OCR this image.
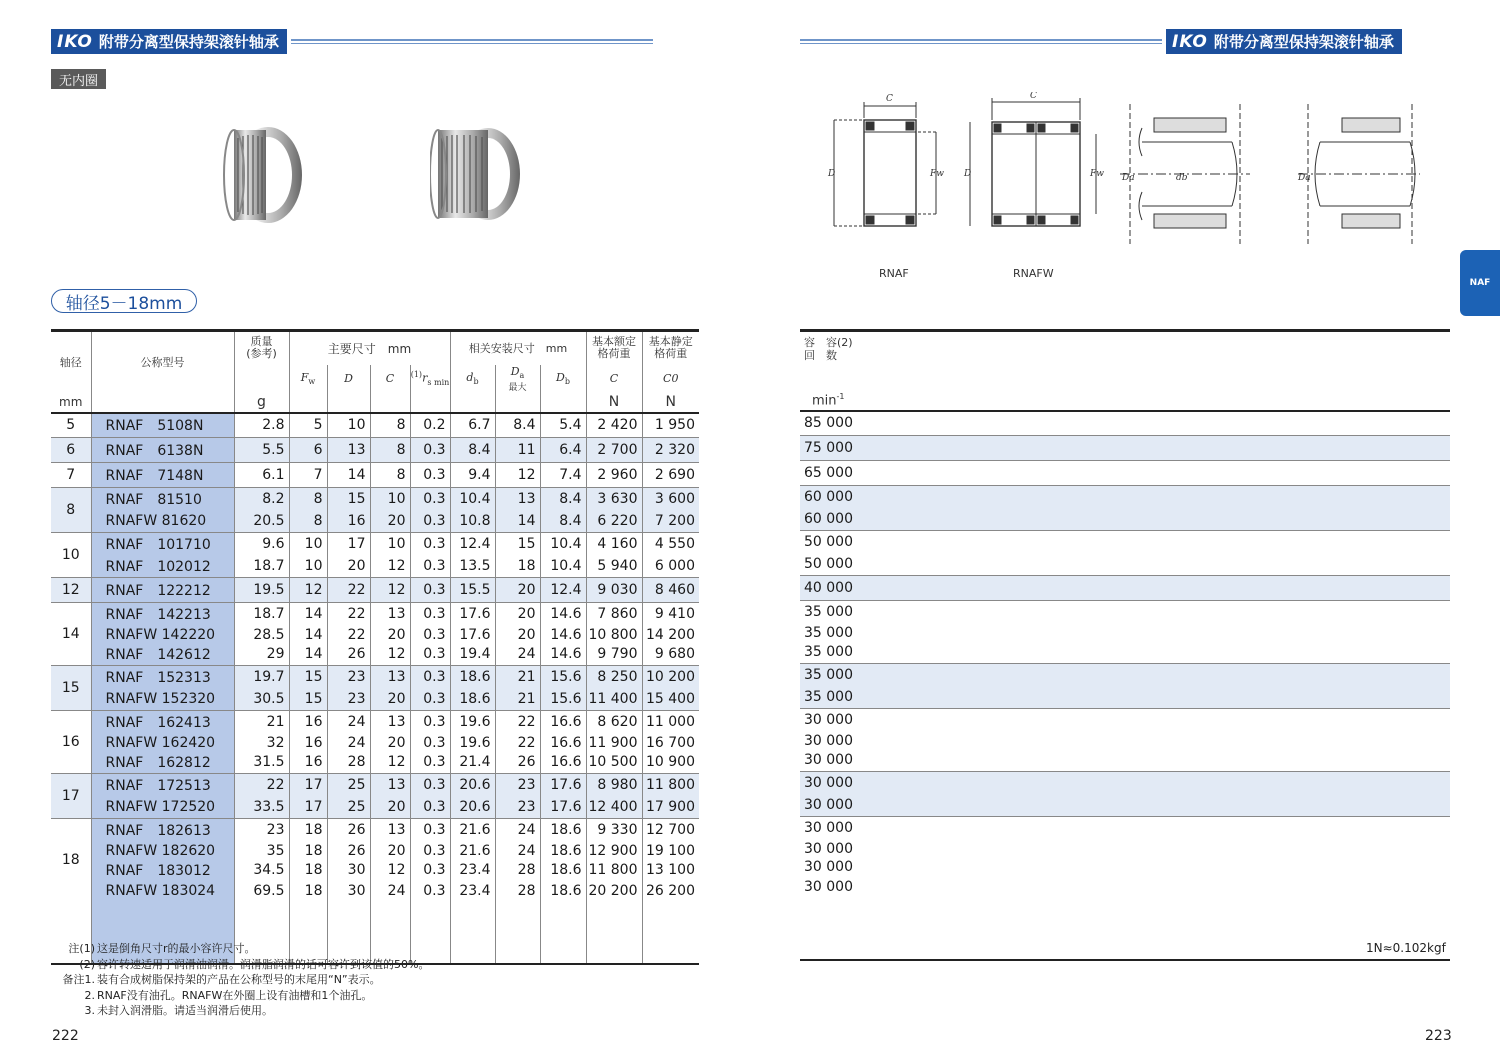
IKO 附带分离型保持架滚针轴承	IKO 附带分离型保持架滚针轴承
无内圈
C
D	Fw
C
D	Fw Da	db	Da
RNAF	RNAFW
NAF
轴径5－18mm
轴径	公称型号	质量
(参考)	主要尺寸　mm				相关安装尺寸　mm			基本额定
格荷重	基本静定
格荷重
			$F_w$	D	C	$^{(1)}r_{s min}$	$d_b$	$D_a$
最大	$D_b$	C	C0
mm		g								N	N
5	RNAF　5108N	2.8	5	10	8	0.2	6.7	8.4	5.4	2 420	1 950
6	RNAF　6138N	5.5	6	13	8	0.3	8.4	11	6.4	2 700	2 320
7	RNAF　7148N	6.1	7	14	8	0.3	9.4	12	7.4	2 960	2 690
8	RNAF　81510	8.2	8	15	10	0.3	10.4	13	8.4	3 630	3 600
	RNAFW 81620	20.5	8	16	20	0.3	10.8	14	8.4	6 220	7 200
10	RNAF　101710	9.6	10	17	10	0.3	12.4	15	10.4	4 160	4 550
	RNAF　102012	18.7	10	20	12	0.3	13.5	18	10.4	5 940	6 000
12	RNAF　122212	19.5	12	22	12	0.3	15.5	20	12.4	9 030	8 460
14	RNAF　142213	18.7	14	22	13	0.3	17.6	20	14.6	7 860	9 410
	RNAFW 142220	28.5	14	22	20	0.3	17.6	20	14.6	10 800	14 200
	RNAF　142612	29	14	26	12	0.3	19.4	24	14.6	9 790	9 680
15	RNAF　152313	19.7	15	23	13	0.3	18.6	21	15.6	8 250	10 200
	RNAFW 152320	30.5	15	23	20	0.3	18.6	21	15.6	11 400	15 400
16	RNAF　162413	21	16	24	13	0.3	19.6	22	16.6	8 620	11 000
	RNAFW 162420	32	16	24	20	0.3	19.6	22	16.6	11 900	16 700
	RNAF　162812	31.5	16	28	12	0.3	21.4	26	16.6	10 500	10 900
17	RNAF　172513	22	17	25	13	0.3	20.6	23	17.6	8 980	11 800
	RNAFW 172520	33.5	17	25	20	0.3	20.6	23	17.6	12 400	17 900
18	RNAF　182613	23	18	26	13	0.3	21.6	24	18.6	9 330	12 700
	RNAFW 182620	35	18	26	20	0.3	21.6	24	18.6	12 900	19 100
	RNAF　183012	34.5	18	30	12	0.3	23.4	28	18.6	11 800	13 100
	RNAFW 183024	69.5	18	30	24	0.3	23.4	28	18.6	20 200	26 200

容　容(2)
回　数
$\min^{-1}$
85 000
75 000
65 000
60 000
60 000
50 000
50 000
40 000
35 000
35 000
35 000
35 000
35 000
30 000
30 000
30 000
30 000
30 000
30 000
30 000
30 000
30 000

注(1) 这是倒角尺寸r的最小容许尺寸。
(2) 容许转速适用于润滑油润滑。润滑脂润滑的话可容许到该值的50%。
备注1. 装有合成树脂保持架的产品在公称型号的末尾用“N”表示。
2. RNAF没有油孔。RNAFW在外圈上设有油槽和1个油孔。
3. 未封入润滑脂。请适当润滑后使用。
1N≈0.102kgf
222	223
